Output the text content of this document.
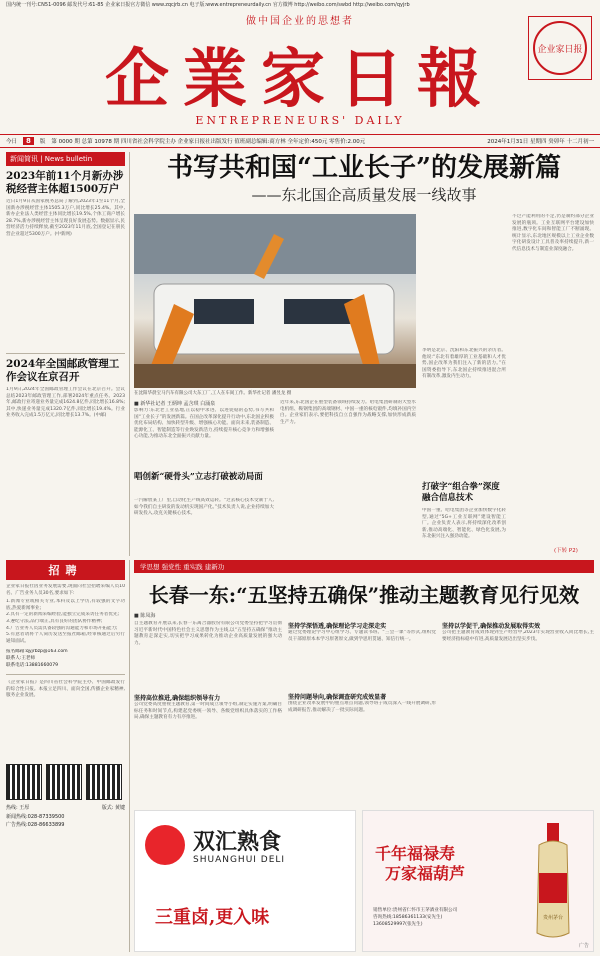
国内统一刊号:CN51-0096 邮发代号:61-85 企业家日报官方微信 www.zqcjrb.cn 电子版:www.entrepreneurdaily.cn 官方微博 http://weibo.com/swbd http://weibo.com/qyjrb
做中国企业的思想者
企業家日報
ENTREPRENEURS' DAILY
企业家日报
今日	8	版 第 0000 期 总第 10978 期 四川省社会科学院主办 企业家日报社出版发行 值班副总编辑:商方林 全年定价:450元 零售价:2.00元	2024年1月31日 星期四 癸卯年 十二月初一
新闻简讯 | News bulletin
2023年前11个月新办涉税经营主体超1500万户
近日1月9日从国家税务总局了解到,2023年1至11个月,全国新办涉税经营主体1505.3万户,同比增长25.4%。其中,新办企业法人类经营主体同比增长19.5%,个体工商户增长28.7%,新办涉税经营主体呈现良好发展态势。数据显示,民营经济活力持续释放,截至2023年11月底,全国登记在册民营企业超过5300万户。(中新网)
2024年全国邮政管理工作会议在京召开
1月9日,2024年全国邮政管理工作会议在北京召开。会议总结2023年邮政管理工作,部署2024年重点任务。2023年,邮政行业寄递业务量完成1624.8亿件,同比增长16.8%;其中,快递业务量完成1320.7亿件,同比增长19.4%。行业业务收入完成1.5万亿元,同比增长13.7%。(中邮)
书写共和国“工业长子”的发展新篇
——东北国企高质量发展一线故事
在沈阳华晨宝马汽车有限公司大东工厂,工人在车间工作。新华社记者 潘昱龙 摄
■ 新华社记者 王炳坤 孟含琪 白涌泉
影响力:东北老工业基地,正以稳中求进、以进促稳的态势,书写共和国“工业长子”的发展新篇。在国企改革深化提升行动中,东北国企积极优化布局结构、加快转型升级、增强核心功能。面向未来,装备制造、能源化工、智能制造等行业焕发新活力,持续提升核心竞争力和增强核心功能,为推动东北全面振兴贡献力量。
唱创新“硬骨头”立志打破被动局面
一汽解放某工厂里,自动化生产线高效运转。“过去核心技术受制于人,如今我们自主研发的发动机实现国产化。”技术负责人说,企业持续加大研发投入,攻克关键核心技术。
近年来,东北国企在重型装备领域持续发力。哈电集团研制的大型水电机组、鞍钢集团的高端钢材、中国一重的核电锻件,均填补国内空白。企业家们表示,要把科技自立自强作为战略支撑,加快形成新质生产力。
李明是北京、沈阳和东北振兴的亲历者。他说:“东北有着雄厚的工业基础和人才优势,国企改革为我们注入了新的活力。”在国资委指导下,东北国企持续推进混合所有制改革,激发内生动力。
打破字“组合拳”深度融合信息技术
中国一重、哈电集团等企业加快数字化转型,通过“5G+工业互联网”建设智能工厂。企业负责人表示,将持续深化改革创新,推动高端化、智能化、绿色化发展,为东北振兴注入强劲动能。
不过产能利用的不足,仍是制约部分企业发展的瓶颈。工业互联网平台建设加快推进,数字化车间和智能工厂不断涌现。统计显示,东北地区规模以上工业企业数字化研发设计工具普及率持续提升,新一代信息技术与制造业深度融合。
(下转 P2)
招聘
企业家日报社因业务发展需要,现面向社会招聘采编人员10名、广告业务人员30名,要求如下:
1.新闻专业或相关专业,本科及以上学历,有较强的文字功底,热爱新闻事业;
2.具有一定的新闻采编经验,能独立完成采访任务者优先;
3.遵纪守法,品行端正,具有良好的团队协作精神;
4.广告业务人员需具备较强的沟通能力和市场开拓能力;
5.有意者请将个人简历发送至报社邮箱,经审核通过后另行通知面试。
报名邮箱:qyjrbzp@163.com
联系人:王老师
联系电话:13881660079
《企业家日报》是四川省社会科学院主办、中国邮政发行的综合性日报。本报立足四川、面向全国,传播企业家精神,服务企业发展。
热线: 王厚	版式: 黄键
新闻热线:028-87339500
广告热线:028-86633899
学思想 强党性 重实践 建新功
长春一东:“五坚持五确保”推动主题教育见行见效
■ 陈凤海
自主题教育开展以来,长春一东离合器股份有限公司党委坚持把学习贯彻习近平新时代中国特色社会主义思想作为主线,以“五坚持五确保”推动主题教育走深走实,切实把学习成果转化为推动企业高质量发展的强大动力。
坚持高位推进,确保组织领导有力
公司党委高度重视主题教育,第一时间成立领导小组,制定实施方案,明确目标任务和时间节点,构建起党委统一领导、各级党组织具体落实的工作格局,确保主题教育有力有序推进。
坚持学深悟透,确保理论学习走深走实
通过党委理论学习中心组学习、专题读书班、“三会一课”等形式,组织党员干部原原本本学习原著原文,做到学思用贯通、知信行统一。
坚持问题导向,确保调查研究成效显著
围绕企业改革发展中的重点难点问题,领导班子成员深入一线开展调研,形成调研报告,推动解决了一批实际问题。
坚持以学促干,确保推动发展取得实效
公司把主题教育成效体现到生产经营中,2023年实现营业收入同比增长,主要经济指标稳中有进,高质量发展迈出坚实步伐。
双汇熟食
SHUANGHUI DELI
三重卤,更入味
千年福禄寿
万家福葫芦
销售单位:贵州省仁怀市王茅酒业有限公司
咨询热线:18586361133(安先生)
13608529997(张先生)
贵州茅台
广告
